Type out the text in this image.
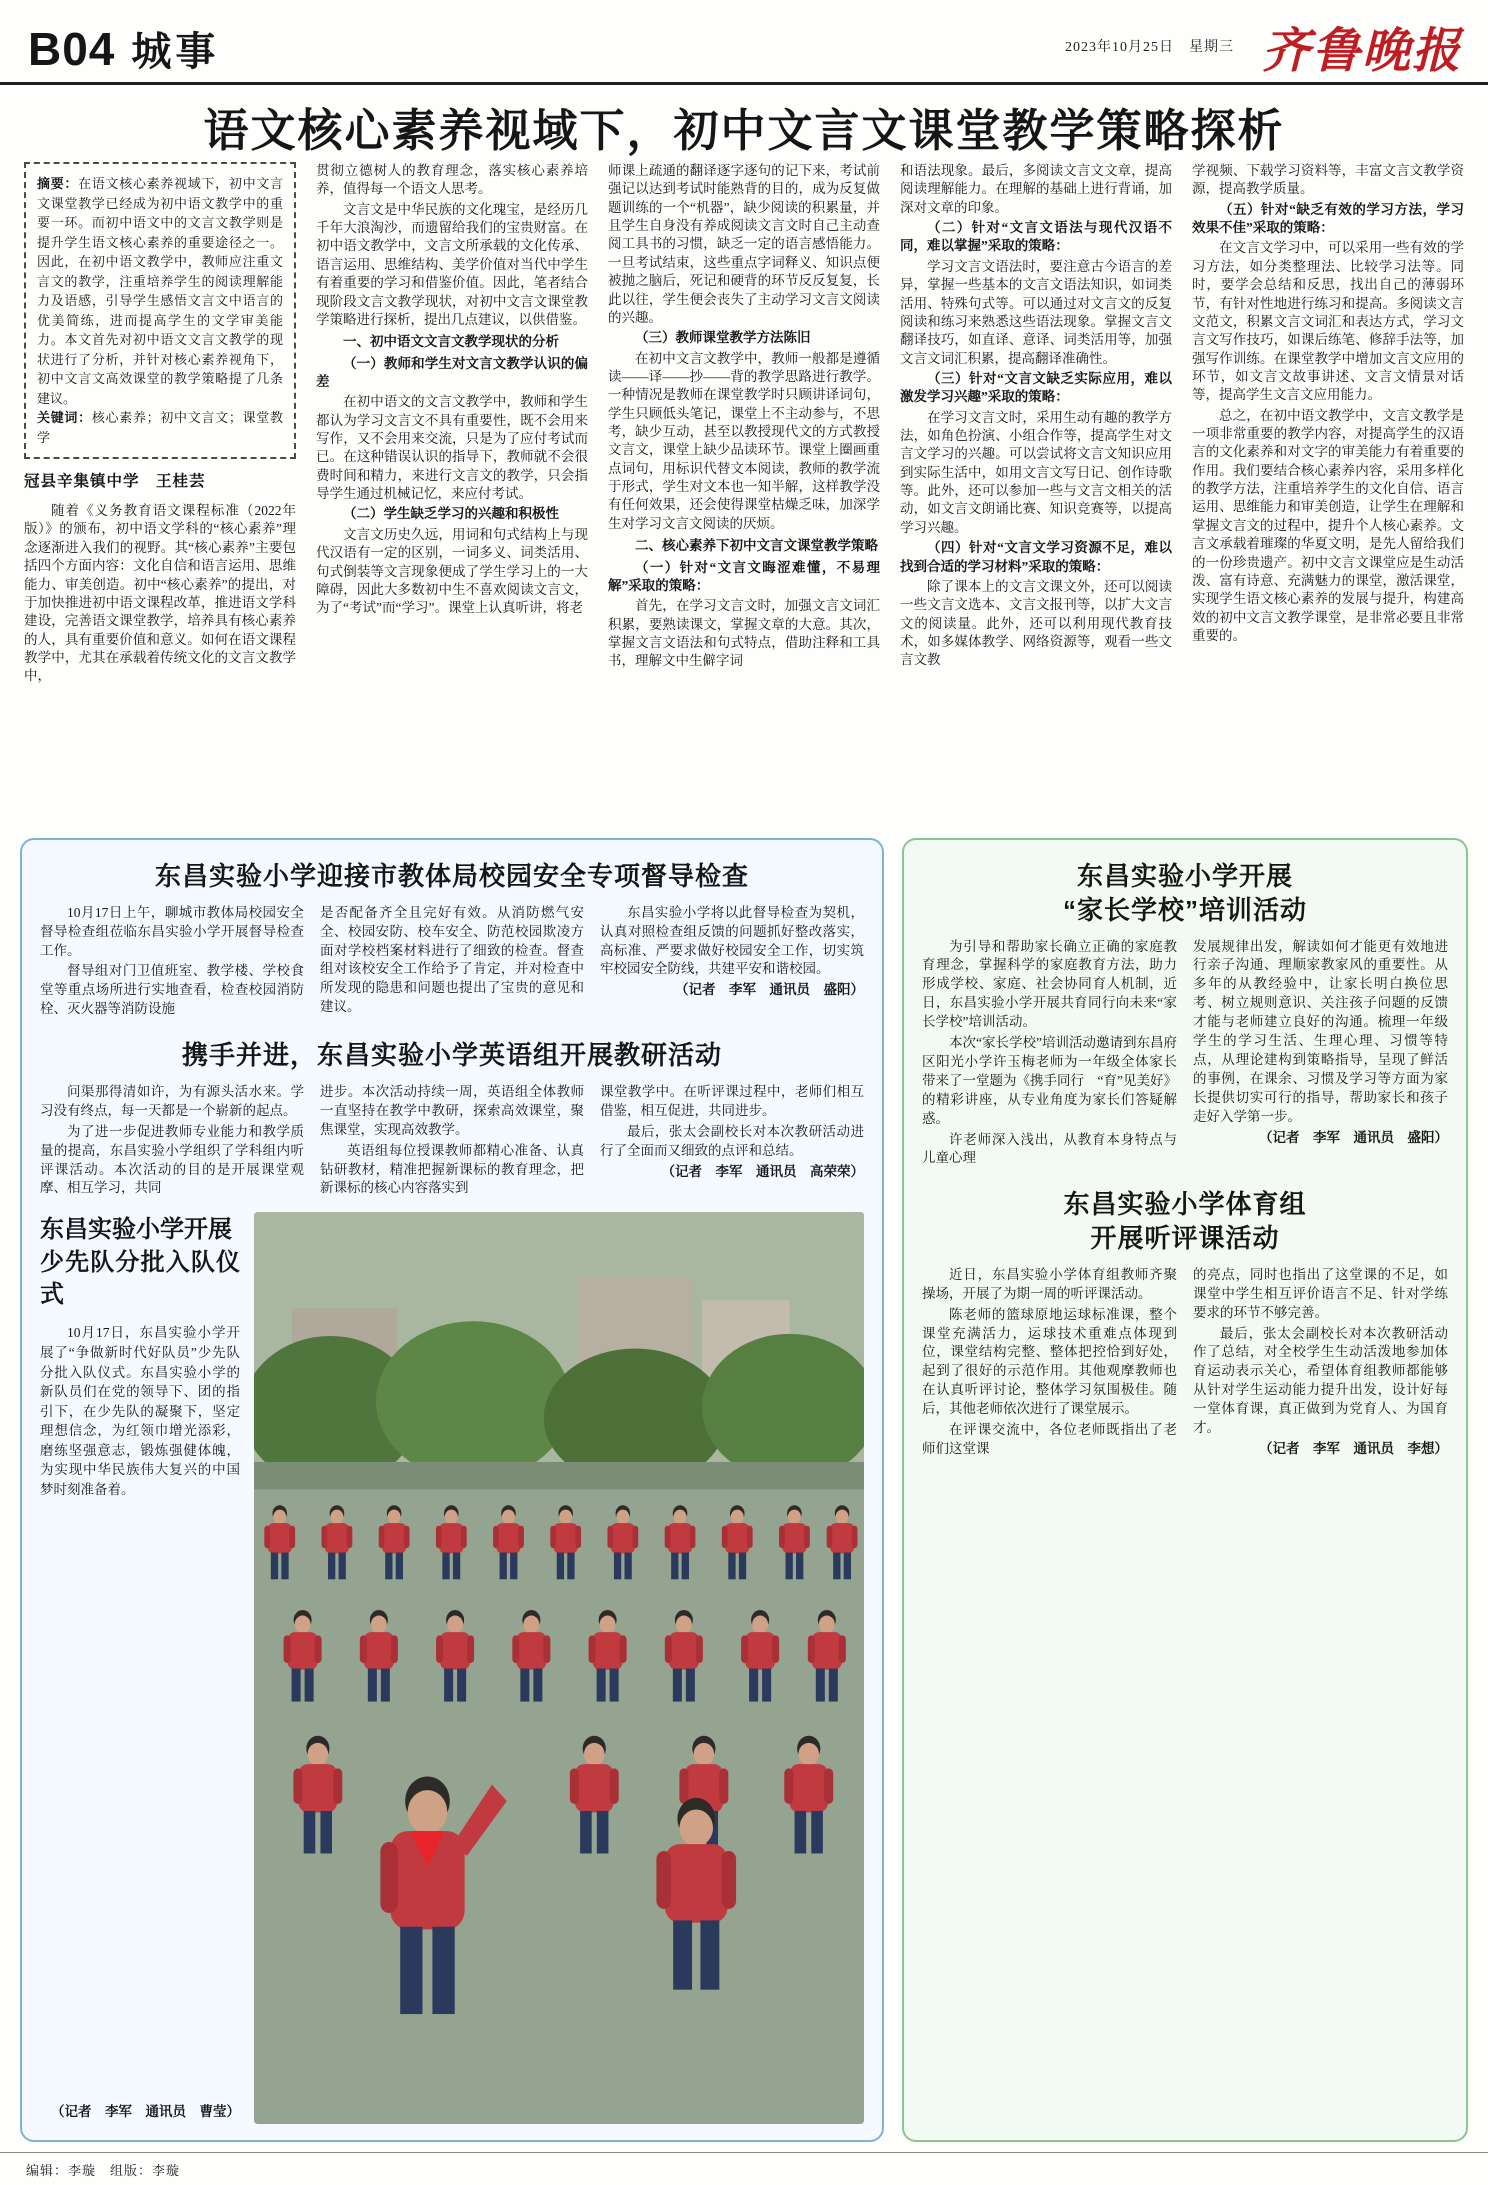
B04 城事	2023年10月25日　星期三 齐鲁晚报
语文核心素养视域下，初中文言文课堂教学策略探析

摘要：在语文核心素养视域下，初中文言文课堂教学已经成为初中语文教学中的重要一环。而初中语文中的文言文教学则是提升学生语文核心素养的重要途径之一。因此，在初中语文教学中，教师应注重文言文的教学，注重培养学生的阅读理解能力及语感，引导学生感悟文言文中语言的优美简练，进而提高学生的文学审美能力。本文首先对初中语文文言文教学的现状进行了分析，并针对核心素养视角下，初中文言文高效课堂的教学策略提了几条建议。

关键词：核心素养；初中文言文；课堂教学

冠县辛集镇中学　王桂芸

随着《义务教育语文课程标准（2022年版）》的颁布，初中语文学科的“核心素养”理念逐渐进入我们的视野。其“核心素养”主要包括四个方面内容：文化自信和语言运用、思维能力、审美创造。初中“核心素养”的提出，对于加快推进初中语文课程改革，推进语文学科建设，完善语文课堂教学，培养具有核心素养的人，具有重要价值和意义。如何在语文课程教学中，尤其在承载着传统文化的文言文教学中，

贯彻立德树人的教育理念，落实核心素养培养，值得每一个语文人思考。

文言文是中华民族的文化瑰宝，是经历几千年大浪淘沙，而遗留给我们的宝贵财富。在初中语文教学中，文言文所承载的文化传承、语言运用、思维结构、美学价值对当代中学生有着重要的学习和借鉴价值。因此，笔者结合现阶段文言文教学现状，对初中文言文课堂教学策略进行探析，提出几点建议，以供借鉴。

一、初中语文文言文教学现状的分析

（一）教师和学生对文言文教学认识的偏差

在初中语文的文言文教学中，教师和学生都认为学习文言文不具有重要性，既不会用来写作，又不会用来交流，只是为了应付考试而已。在这种错误认识的指导下，教师就不会很费时间和精力，来进行文言文的教学，只会指导学生通过机械记忆，来应付考试。

（二）学生缺乏学习的兴趣和积极性

文言文历史久远，用词和句式结构上与现代汉语有一定的区别，一词多义、词类活用、句式倒装等文言现象便成了学生学习上的一大障碍，因此大多数初中生不喜欢阅读文言文，为了“考试”而“学习”。课堂上认真听讲，将老

师课上疏通的翻译逐字逐句的记下来，考试前强记以达到考试时能熟背的目的，成为反复做题训练的一个“机器”，缺少阅读的积累量，并且学生自身没有养成阅读文言文时自己主动查阅工具书的习惯，缺乏一定的语言感悟能力。一旦考试结束，这些重点字词释义、知识点便被抛之脑后，死记和硬背的环节反反复复，长此以往，学生便会丧失了主动学习文言文阅读的兴趣。

（三）教师课堂教学方法陈旧

在初中文言文教学中，教师一般都是遵循读——译——抄——背的教学思路进行教学。一种情况是教师在课堂教学时只顾讲译词句，学生只顾低头笔记，课堂上不主动参与，不思考，缺少互动，甚至以教授现代文的方式教授文言文，课堂上缺少品读环节。课堂上圈画重点词句，用标识代替文本阅读，教师的教学流于形式，学生对文本也一知半解，这样教学没有任何效果，还会使得课堂枯燥乏味，加深学生对学习文言文阅读的厌烦。

二、核心素养下初中文言文课堂教学策略

（一）针对“文言文晦涩难懂，不易理解”采取的策略：

首先，在学习文言文时，加强文言文词汇积累，要熟读课文，掌握文章的大意。其次，掌握文言文语法和句式特点，借助注释和工具书，理解文中生僻字词

和语法现象。最后，多阅读文言文文章，提高阅读理解能力。在理解的基础上进行背诵，加深对文章的印象。

（二）针对“文言文语法与现代汉语不同，难以掌握”采取的策略：

学习文言文语法时，要注意古今语言的差异，掌握一些基本的文言文语法知识，如词类活用、特殊句式等。可以通过对文言文的反复阅读和练习来熟悉这些语法现象。掌握文言文翻译技巧，如直译、意译、词类活用等，加强文言文词汇积累，提高翻译准确性。

（三）针对“文言文缺乏实际应用，难以激发学习兴趣”采取的策略：

在学习文言文时，采用生动有趣的教学方法，如角色扮演、小组合作等，提高学生对文言文学习的兴趣。可以尝试将文言文知识应用到实际生活中，如用文言文写日记、创作诗歌等。此外，还可以参加一些与文言文相关的活动，如文言文朗诵比赛、知识竞赛等，以提高学习兴趣。

（四）针对“文言文学习资源不足，难以找到合适的学习材料”采取的策略：

除了课本上的文言文课文外，还可以阅读一些文言文选本、文言文报刊等，以扩大文言文的阅读量。此外，还可以利用现代教育技术，如多媒体教学、网络资源等，观看一些文言文教

学视频、下载学习资料等，丰富文言文教学资源，提高教学质量。

（五）针对“缺乏有效的学习方法，学习效果不佳”采取的策略：

在文言文学习中，可以采用一些有效的学习方法，如分类整理法、比较学习法等。同时，要学会总结和反思，找出自己的薄弱环节，有针对性地进行练习和提高。多阅读文言文范文，积累文言文词汇和表达方式，学习文言文写作技巧，如课后练笔、修辞手法等，加强写作训练。在课堂教学中增加文言文应用的环节，如文言文故事讲述、文言文情景对话等，提高学生文言文应用能力。

总之，在初中语文教学中，文言文教学是一项非常重要的教学内容，对提高学生的汉语言的文化素养和对文字的审美能力有着重要的作用。我们要结合核心素养内容，采用多样化的教学方法，注重培养学生的文化自信、语言运用、思维能力和审美创造，让学生在理解和掌握文言文的过程中，提升个人核心素养。文言文承载着璀璨的华夏文明，是先人留给我们的一份珍贵遗产。初中文言文课堂应是生动活泼、富有诗意、充满魅力的课堂，激活课堂，实现学生语文核心素养的发展与提升，构建高效的初中文言文教学课堂，是非常必要且非常重要的。

东昌实验小学迎接市教体局校园安全专项督导检查

10月17日上午，聊城市教体局校园安全督导检查组莅临东昌实验小学开展督导检查工作。

督导组对门卫值班室、教学楼、学校食堂等重点场所进行实地查看，检查校园消防栓、灭火器等消防设施

是否配备齐全且完好有效。从消防燃气安全、校园安防、校车安全、防范校园欺凌方面对学校档案材料进行了细致的检查。督查组对该校安全工作给予了肯定，并对检查中所发现的隐患和问题也提出了宝贵的意见和建议。

东昌实验小学将以此督导检查为契机，认真对照检查组反馈的问题抓好整改落实，高标准、严要求做好校园安全工作，切实筑牢校园安全防线，共建平安和谐校园。

（记者　李军　通讯员　盛阳）

携手并进，东昌实验小学英语组开展教研活动

问渠那得清如许，为有源头活水来。学习没有终点，每一天都是一个崭新的起点。

为了进一步促进教师专业能力和教学质量的提高，东昌实验小学组织了学科组内听评课活动。本次活动的目的是开展课堂观摩、相互学习，共同

进步。本次活动持续一周，英语组全体教师一直坚持在教学中教研，探索高效课堂，聚焦课堂，实现高效教学。

英语组每位授课教师都精心准备、认真钻研教材，精准把握新课标的教育理念，把新课标的核心内容落实到

课堂教学中。在听评课过程中，老师们相互借鉴，相互促进，共同进步。

最后，张太会副校长对本次教研活动进行了全面而又细致的点评和总结。

（记者　李军　通讯员　高荣荣）

东昌实验小学开展
少先队分批入队仪式

10月17日，东昌实验小学开展了“争做新时代好队员”少先队分批入队仪式。东昌实验小学的新队员们在党的领导下、团的指引下，在少先队的凝聚下，坚定理想信念，为红领巾增光添彩，磨练坚强意志，锻炼强健体魄，为实现中华民族伟大复兴的中国梦时刻准备着。

（记者　李军　通讯员　曹莹）

东昌实验小学开展
“家长学校”培训活动

为引导和帮助家长确立正确的家庭教育理念，掌握科学的家庭教育方法，助力形成学校、家庭、社会协同育人机制，近日，东昌实验小学开展共育同行向未来“家长学校”培训活动。

本次“家长学校”培训活动邀请到东昌府区阳光小学许玉梅老师为一年级全体家长带来了一堂题为《携手同行　“育”见美好》的精彩讲座，从专业角度为家长们答疑解惑。

许老师深入浅出，从教育本身特点与儿童心理

发展规律出发，解读如何才能更有效地进行亲子沟通、理顺家教家风的重要性。从多年的从教经验中，让家长明白换位思考、树立规则意识、关注孩子问题的反馈才能与老师建立良好的沟通。梳理一年级学生的学习生活、生理心理、习惯等特点，从理论建构到策略指导，呈现了鲜活的事例，在课余、习惯及学习等方面为家长提供切实可行的指导，帮助家长和孩子走好入学第一步。

（记者　李军　通讯员　盛阳）

东昌实验小学体育组
开展听评课活动

近日，东昌实验小学体育组教师齐聚操场，开展了为期一周的听评课活动。

陈老师的篮球原地运球标准课，整个课堂充满活力，运球技术重难点体现到位，课堂结构完整、整体把控恰到好处，起到了很好的示范作用。其他观摩教师也在认真听评讨论，整体学习氛围极佳。随后，其他老师依次进行了课堂展示。

在评课交流中，各位老师既指出了老师们这堂课

的亮点，同时也指出了这堂课的不足，如课堂中学生相互评价语言不足、针对学练要求的环节不够完善。

最后，张太会副校长对本次教研活动作了总结，对全校学生生动活泼地参加体育运动表示关心，希望体育组教师都能够从针对学生运动能力提升出发，设计好每一堂体育课，真正做到为党育人、为国育才。

（记者　李军　通讯员　李想）

编辑：李璇　组版：李璇
